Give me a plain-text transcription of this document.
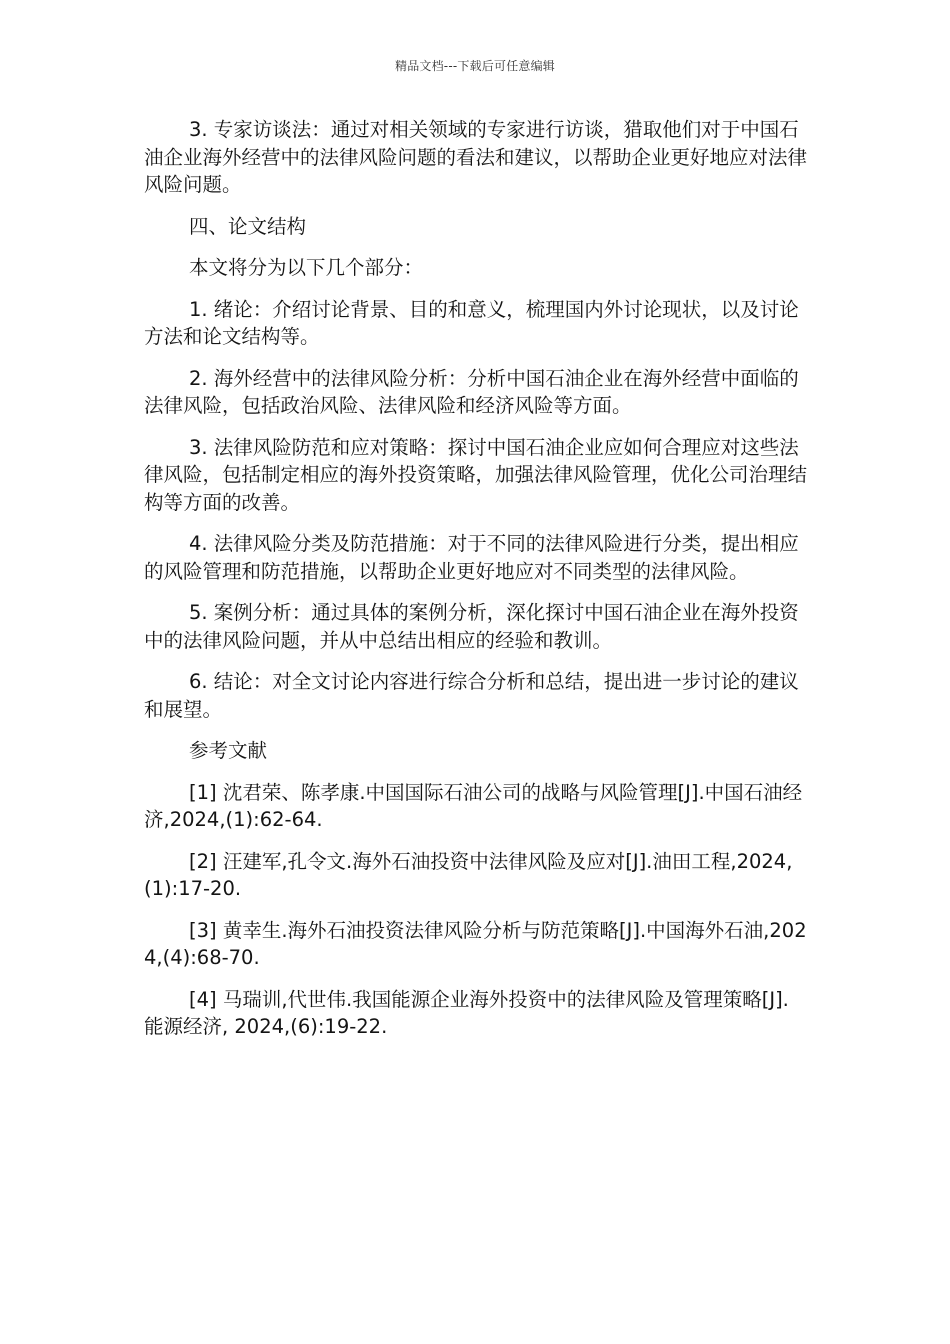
精品文档---下载后可任意编辑

3. 专家访谈法：通过对相关领域的专家进行访谈，猎取他们对于中国石油企业海外经营中的法律风险问题的看法和建议，以帮助企业更好地应对法律风险问题。

四、论文结构

本文将分为以下几个部分：

1. 绪论：介绍讨论背景、目的和意义，梳理国内外讨论现状，以及讨论方法和论文结构等。

2. 海外经营中的法律风险分析：分析中国石油企业在海外经营中面临的法律风险，包括政治风险、法律风险和经济风险等方面。

3. 法律风险防范和应对策略：探讨中国石油企业应如何合理应对这些法律风险，包括制定相应的海外投资策略，加强法律风险管理，优化公司治理结构等方面的改善。

4. 法律风险分类及防范措施：对于不同的法律风险进行分类，提出相应的风险管理和防范措施，以帮助企业更好地应对不同类型的法律风险。

5. 案例分析：通过具体的案例分析，深化探讨中国石油企业在海外投资中的法律风险问题，并从中总结出相应的经验和教训。

6. 结论：对全文讨论内容进行综合分析和总结，提出进一步讨论的建议和展望。

参考文献

[1] 沈君荣、陈孝康.中国国际石油公司的战略与风险管理[J].中国石油经济,2024,(1):62-64.

[2] 汪建军,孔令文.海外石油投资中法律风险及应对[J].油田工程,2024,(1):17-20.

[3] 黄幸生.海外石油投资法律风险分析与防范策略[J].中国海外石油,2024,(4):68-70.

[4] 马瑞训,代世伟.我国能源企业海外投资中的法律风险及管理策略[J].能源经济, 2024,(6):19-22.
